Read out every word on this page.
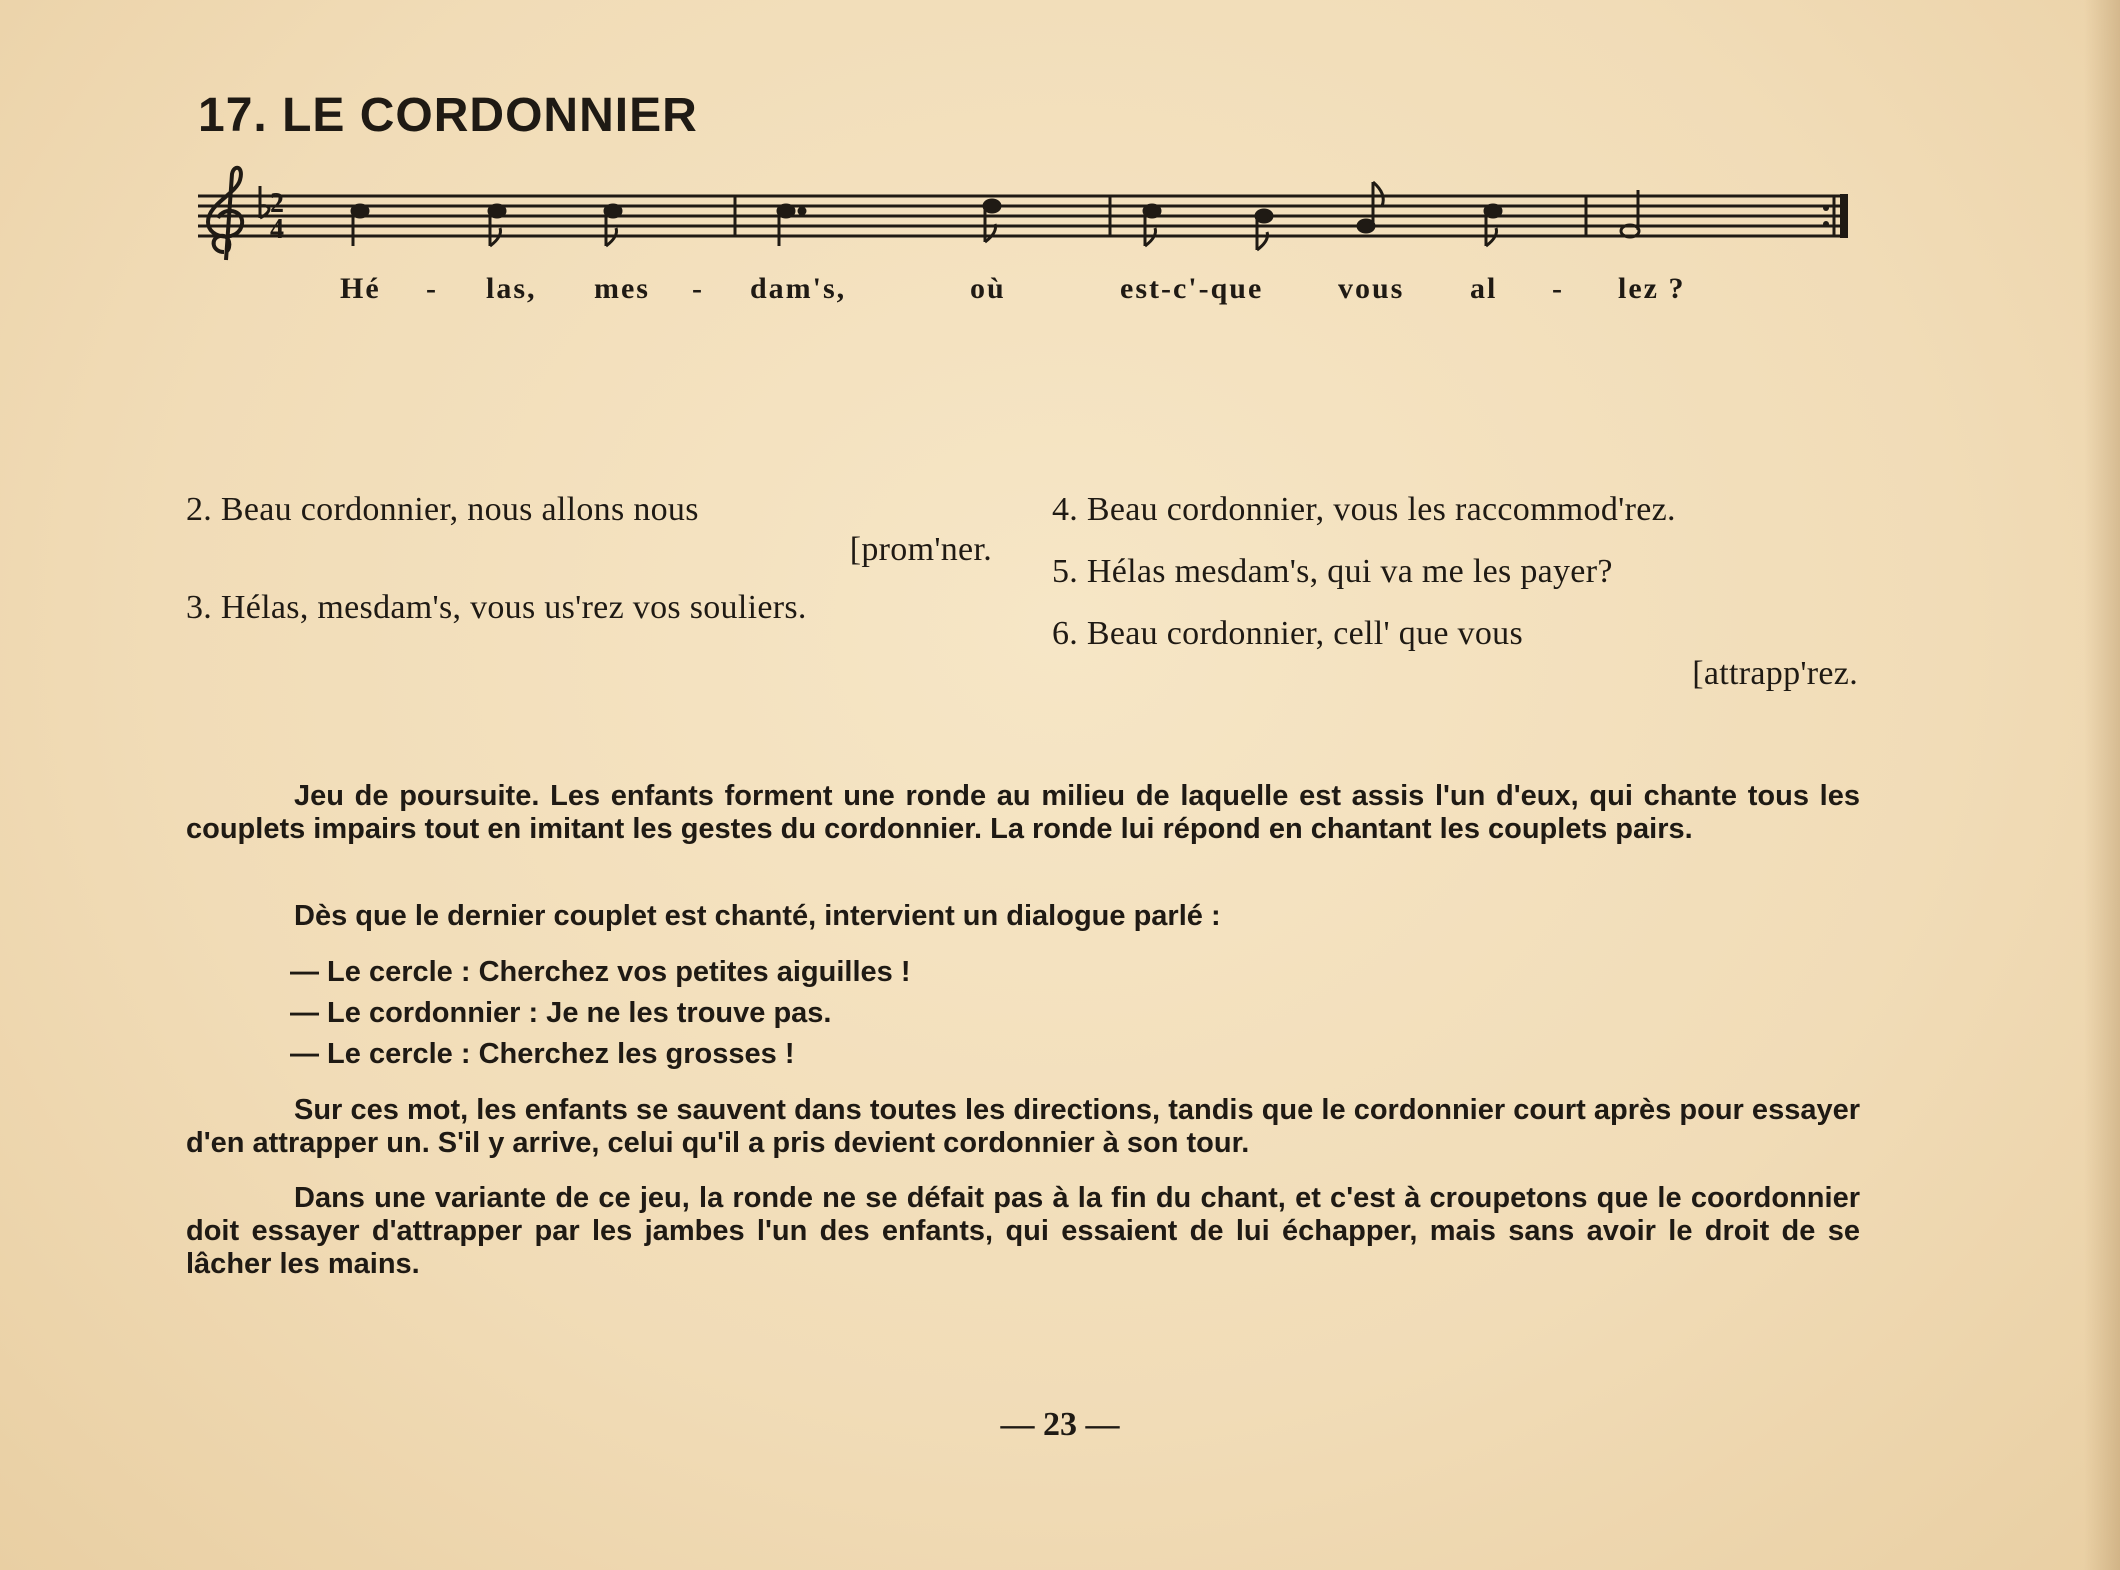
17. LE CORDONNIER
2
4
Hé - las, mes - dam's,	où	est-c'-que vous al - lez ?
2. Beau cordonnier, nous allons nous
[prom'ner.
3. Hélas, mesdam's, vous us'rez vos souliers.
4. Beau cordonnier, vous les raccommod'rez.
5. Hélas mesdam's, qui va me les payer?
6. Beau cordonnier, cell' que vous
[attrapp'rez.
Jeu de poursuite. Les enfants forment une ronde au milieu de laquelle est assis l'un d'eux, qui chante tous les couplets impairs tout en imitant les gestes du cordonnier. La ronde lui répond en chantant les couplets pairs.
Dès que le dernier couplet est chanté, intervient un dialogue parlé :
— Le cercle : Cherchez vos petites aiguilles !
— Le cordonnier : Je ne les trouve pas.
— Le cercle : Cherchez les grosses !
Sur ces mot, les enfants se sauvent dans toutes les directions, tandis que le cordonnier court après pour essayer d'en attrapper un. S'il y arrive, celui qu'il a pris devient cordonnier à son tour.
Dans une variante de ce jeu, la ronde ne se défait pas à la fin du chant, et c'est à croupetons que le coordonnier doit essayer d'attrapper par les jambes l'un des enfants, qui essaient de lui échapper, mais sans avoir le droit de se lâcher les mains.
— 23 —
